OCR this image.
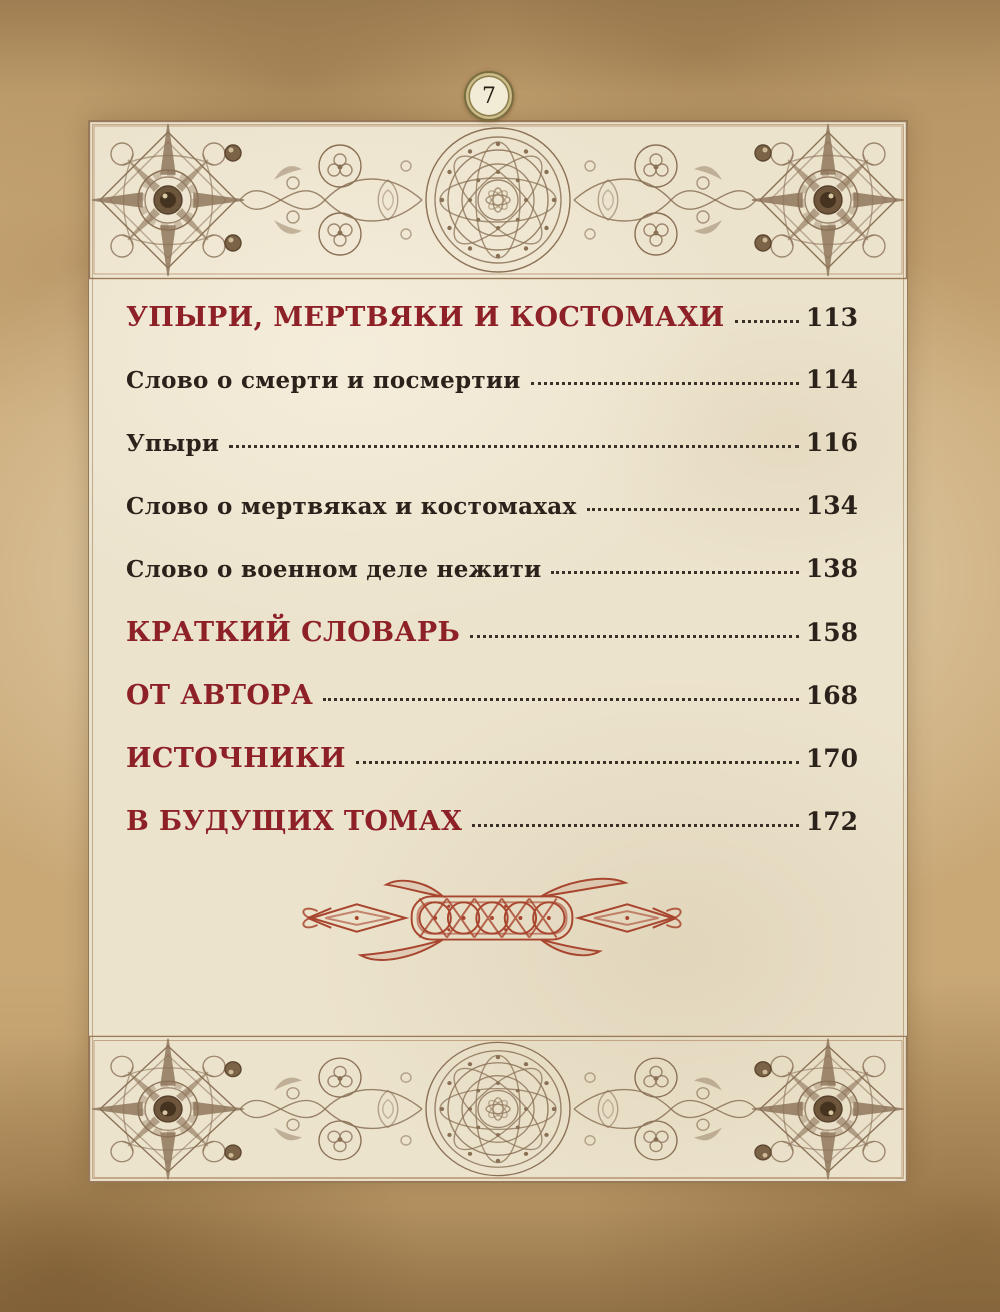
7
УПЫРИ, МЕРТВЯКИ И КОСТОМАХИ	113
Слово о смерти и посмертии	114
Упыри	116
Слово о мертвяках и костомахах	134
Слово о военном деле нежити	138
КРАТКИЙ СЛОВАРЬ	158
ОТ АВТОРА	168
ИСТОЧНИКИ	170
В БУДУЩИХ ТОМАХ	172
